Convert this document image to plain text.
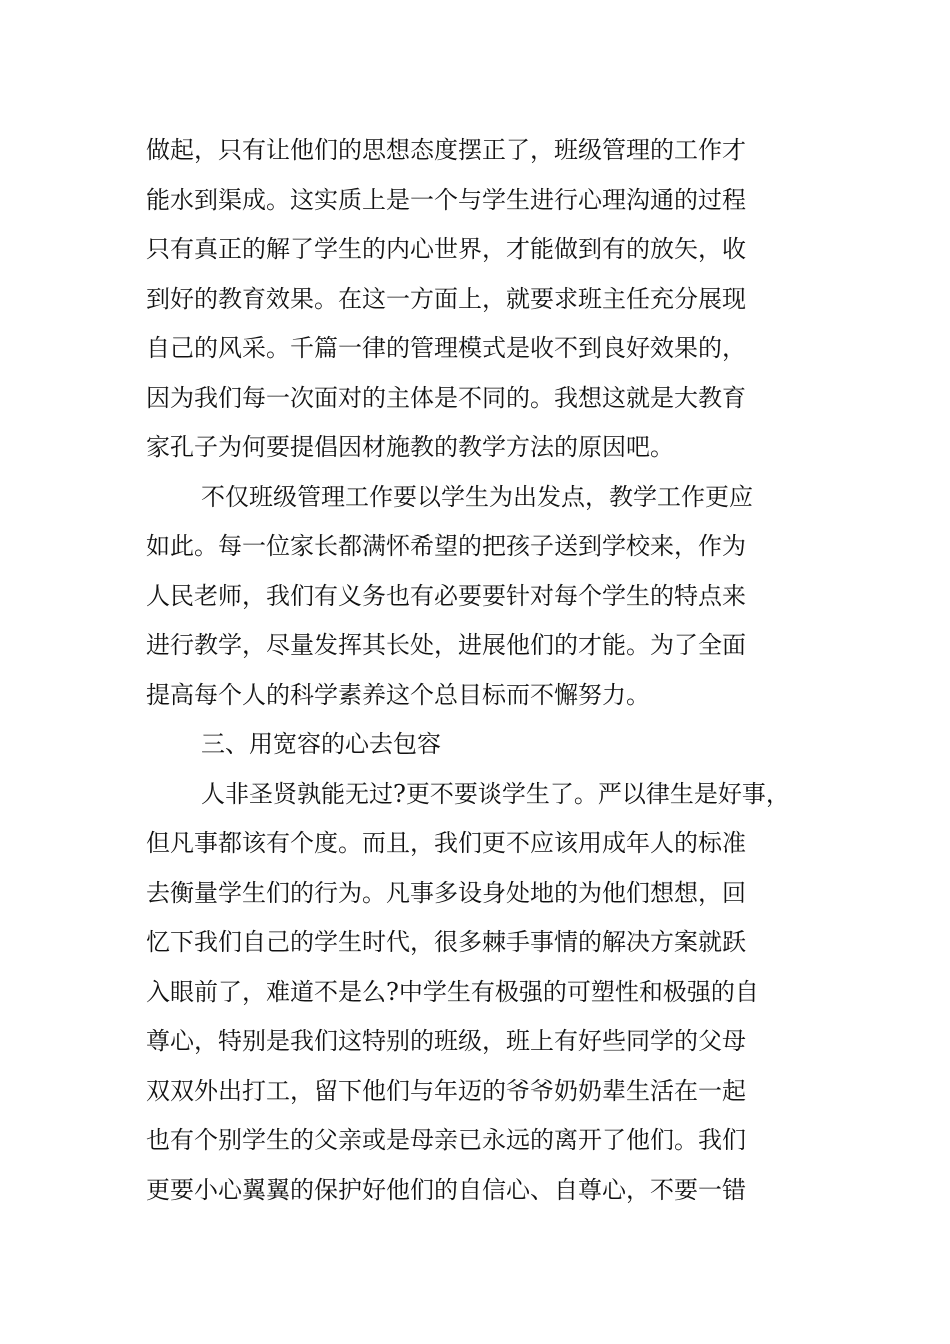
做起，只有让他们的思想态度摆正了，班级管理的工作才
能水到渠成。这实质上是一个与学生进行心理沟通的过程
只有真正的解了学生的内心世界，才能做到有的放矢，收
到好的教育效果。在这一方面上，就要求班主任充分展现
自己的风采。千篇一律的管理模式是收不到良好效果的，
因为我们每一次面对的主体是不同的。我想这就是大教育
家孔子为何要提倡因材施教的教学方法的原因吧。
不仅班级管理工作要以学生为出发点，教学工作更应
如此。每一位家长都满怀希望的把孩子送到学校来，作为
人民老师，我们有义务也有必要要针对每个学生的特点来
进行教学，尽量发挥其长处，进展他们的才能。为了全面
提高每个人的科学素养这个总目标而不懈努力。
三、用宽容的心去包容
人非圣贤孰能无过?更不要谈学生了。严以律生是好事，
但凡事都该有个度。而且，我们更不应该用成年人的标准
去衡量学生们的行为。凡事多设身处地的为他们想想，回
忆下我们自己的学生时代，很多棘手事情的解决方案就跃
入眼前了，难道不是么?中学生有极强的可塑性和极强的自
尊心，特别是我们这特别的班级，班上有好些同学的父母
双双外出打工，留下他们与年迈的爷爷奶奶辈生活在一起
也有个别学生的父亲或是母亲已永远的离开了他们。我们
更要小心翼翼的保护好他们的自信心、自尊心，不要一错
